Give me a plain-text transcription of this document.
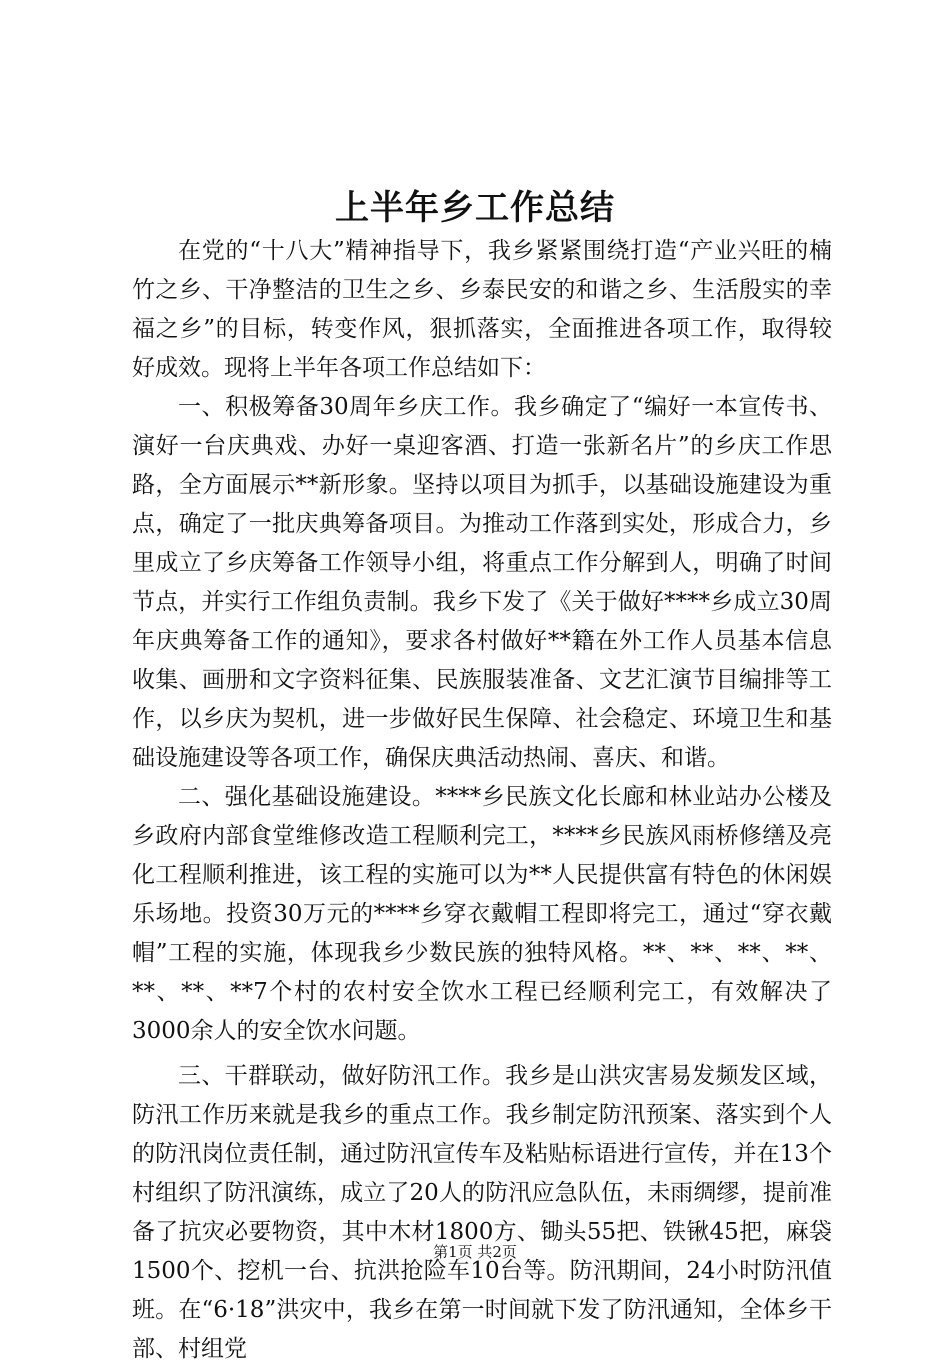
上半年乡工作总结

在党的“十八大”精神指导下，我乡紧紧围绕打造“产业兴旺的楠竹之乡、干净整洁的卫生之乡、乡泰民安的和谐之乡、生活殷实的幸福之乡”的目标，转变作风，狠抓落实，全面推进各项工作，取得较好成效。现将上半年各项工作总结如下：

一、积极筹备30周年乡庆工作。我乡确定了“编好一本宣传书、演好一台庆典戏、办好一桌迎客酒、打造一张新名片”的乡庆工作思路，全方面展示**新形象。坚持以项目为抓手，以基础设施建设为重点，确定了一批庆典筹备项目。为推动工作落到实处，形成合力，乡里成立了乡庆筹备工作领导小组，将重点工作分解到人，明确了时间节点，并实行工作组负责制。我乡下发了《关于做好****乡成立30周年庆典筹备工作的通知》，要求各村做好**籍在外工作人员基本信息收集、画册和文字资料征集、民族服装准备、文艺汇演节目编排等工作，以乡庆为契机，进一步做好民生保障、社会稳定、环境卫生和基础设施建设等各项工作，确保庆典活动热闹、喜庆、和谐。

二、强化基础设施建设。****乡民族文化长廊和林业站办公楼及乡政府内部食堂维修改造工程顺利完工，****乡民族风雨桥修缮及亮化工程顺利推进，该工程的实施可以为**人民提供富有特色的休闲娱乐场地。投资30万元的****乡穿衣戴帽工程即将完工，通过“穿衣戴帽”工程的实施，体现我乡少数民族的独特风格。**、**、**、**、**、**、**7个村的农村安全饮水工程已经顺利完工，有效解决了3000余人的安全饮水问题。

三、干群联动，做好防汛工作。我乡是山洪灾害易发频发区域，防汛工作历来就是我乡的重点工作。我乡制定防汛预案、落实到个人的防汛岗位责任制，通过防汛宣传车及粘贴标语进行宣传，并在13个村组织了防汛演练，成立了20人的防汛应急队伍，未雨绸缪，提前准备了抗灾必要物资，其中木材1800方、锄头55把、铁锹45把，麻袋1500个、挖机一台、抗洪抢险车10台等。防汛期间，24小时防汛值班。在“6·18”洪灾中，我乡在第一时间就下发了防汛通知，全体乡干部、村组党

第1页 共2页
